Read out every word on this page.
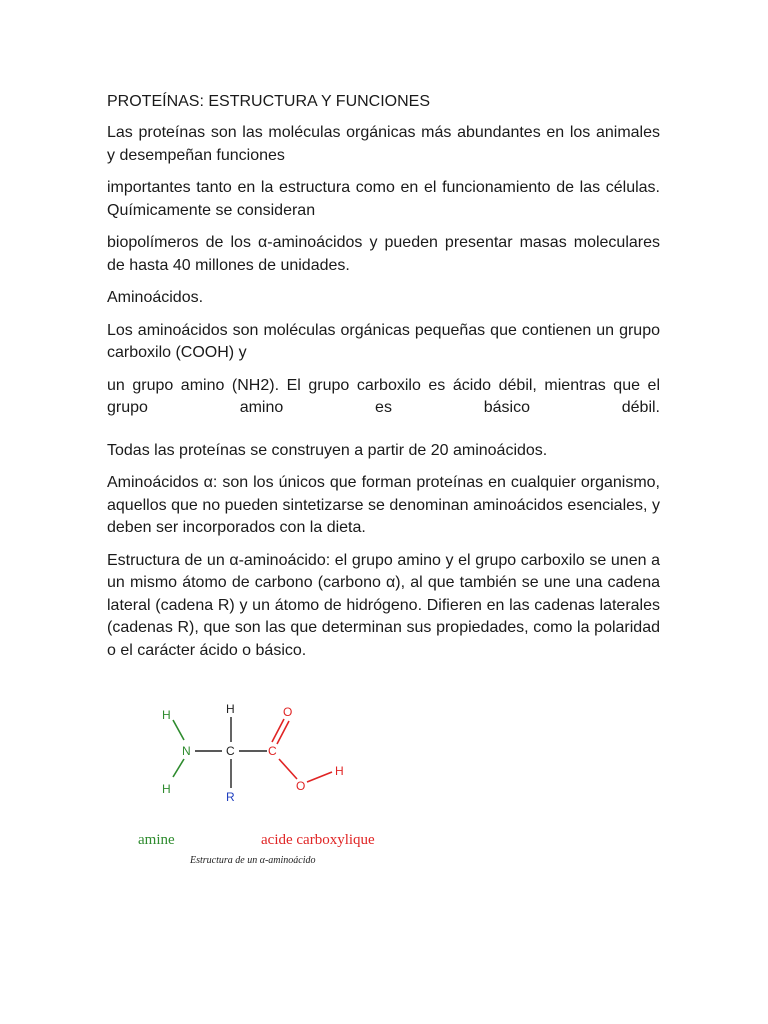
PROTEÍNAS: ESTRUCTURA Y FUNCIONES

Las proteínas son las moléculas orgánicas más abundantes en los animales y desempeñan funciones

importantes tanto en la estructura como en el funcionamiento de las células. Químicamente se consideran

biopolímeros de los α-aminoácidos y pueden presentar masas moleculares de hasta 40 millones de unidades.

Aminoácidos.

Los aminoácidos son moléculas orgánicas pequeñas que contienen un grupo carboxilo (COOH) y

un grupo amino (NH2). El grupo carboxilo es ácido débil, mientras que el grupo amino es básico débil.

Todas las proteínas se construyen a partir de 20 aminoácidos.

Aminoácidos α: son los únicos que forman proteínas en cualquier organismo, aquellos que no pueden sintetizarse se denominan aminoácidos esenciales, y deben ser incorporados con la dieta.

Estructura de un α-aminoácido: el grupo amino y el grupo carboxilo se unen a un mismo átomo de carbono (carbono α), al que también se une una cadena lateral (cadena R) y un átomo de hidrógeno. Difieren en las cadenas laterales (cadenas R), que son las que determinan sus propiedades, como la polaridad o el carácter ácido o básico.

H
N
H
H
C
R
C
O
O
H
amine	acide carboxylique
Estructura de un α-aminoácido
